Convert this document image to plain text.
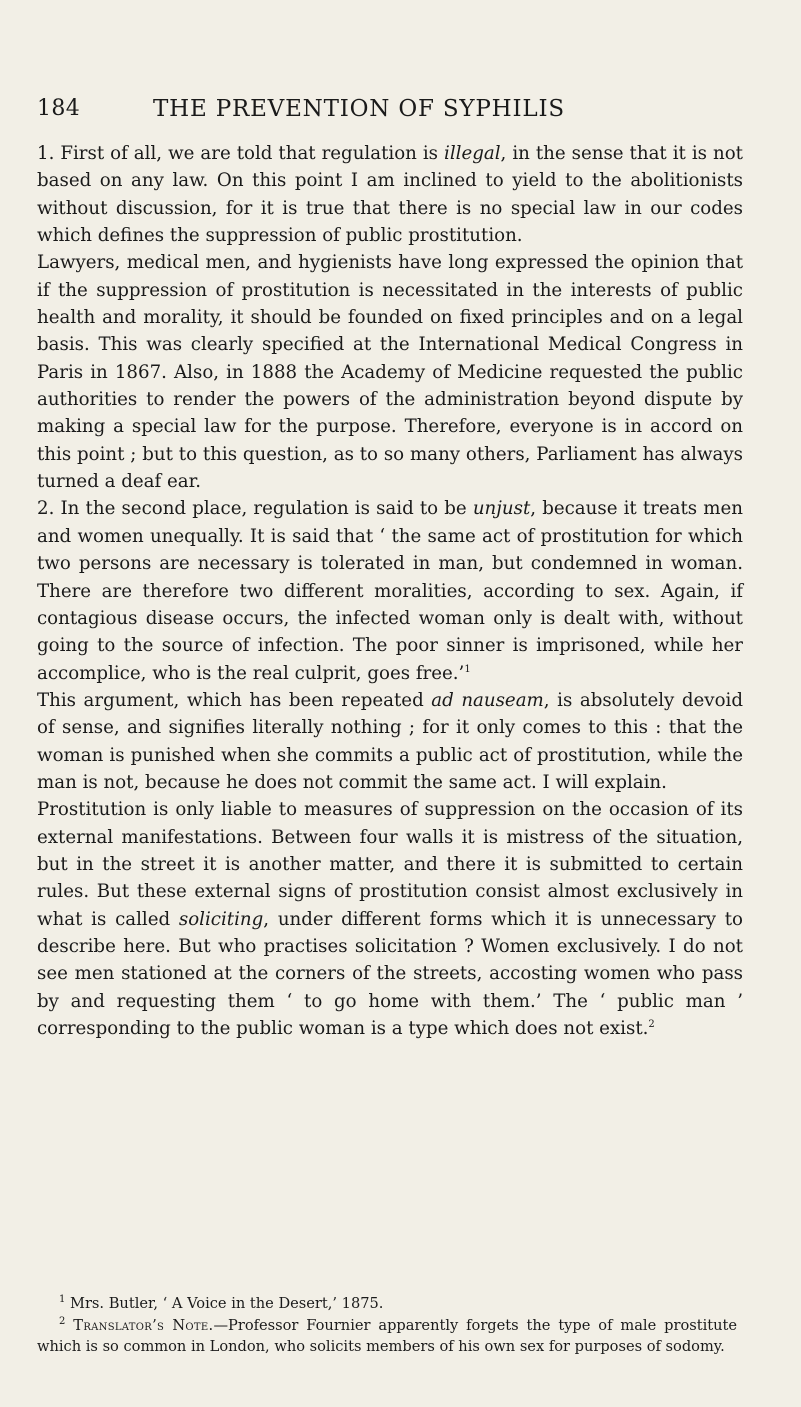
184	THE PREVENTION OF SYPHILIS

1. First of all, we are told that regulation is illegal, in the sense that it is not based on any law. On this point I am inclined to yield to the abolitionists without discussion, for it is true that there is no special law in our codes which defines the suppression of public prostitution.

Lawyers, medical men, and hygienists have long expressed the opinion that if the suppression of prostitution is necessitated in the interests of public health and morality, it should be founded on fixed principles and on a legal basis. This was clearly specified at the International Medical Congress in Paris in 1867. Also, in 1888 the Academy of Medicine requested the public authorities to render the powers of the administration beyond dispute by making a special law for the purpose. Therefore, everyone is in accord on this point ; but to this question, as to so many others, Parliament has always turned a deaf ear.

2. In the second place, regulation is said to be unjust, because it treats men and women unequally. It is said that ‘ the same act of prostitution for which two persons are necessary is tolerated in man, but condemned in woman. There are therefore two different moralities, according to sex. Again, if contagious disease occurs, the infected woman only is dealt with, without going to the source of infection. The poor sinner is imprisoned, while her accomplice, who is the real culprit, goes free.’$^1$

This argument, which has been repeated ad nauseam, is absolutely devoid of sense, and signifies literally nothing ; for it only comes to this : that the woman is punished when she commits a public act of prostitution, while the man is not, because he does not commit the same act. I will explain.

Prostitution is only liable to measures of suppression on the occasion of its external manifestations. Between four walls it is mistress of the situation, but in the street it is another matter, and there it is submitted to certain rules. But these external signs of prostitution consist almost exclusively in what is called soliciting, under different forms which it is unnecessary to describe here. But who practises solicitation ? Women exclusively. I do not see men stationed at the corners of the streets, accosting women who pass by and requesting them ‘ to go home with them.’ The ‘ public man ’ corresponding to the public woman is a type which does not exist.$^2$

$^1$ Mrs. Butler, ‘ A Voice in the Desert,’ 1875.

$^2$ Translator’s Note.—Professor Fournier apparently forgets the type of male prostitute which is so common in London, who solicits members of his own sex for purposes of sodomy.
